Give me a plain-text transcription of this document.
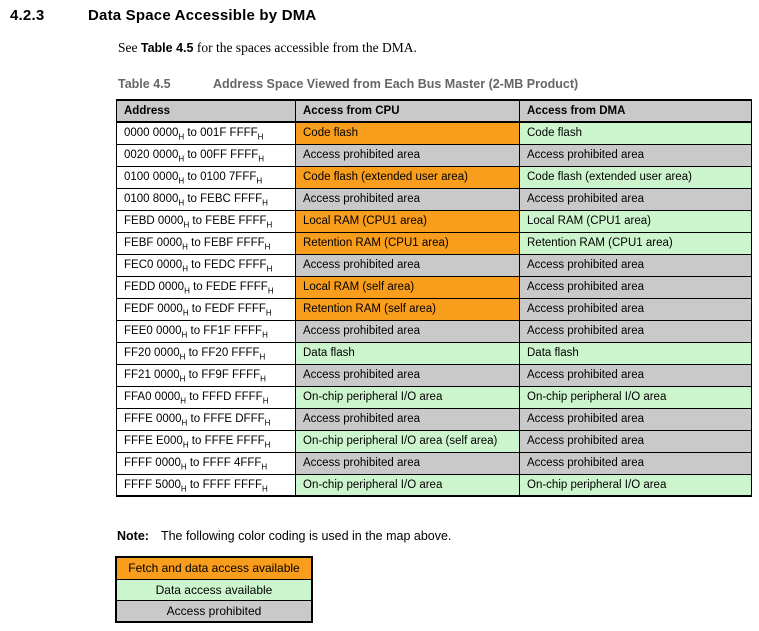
4.2.3	Data Space Accessible by DMA

See Table 4.5 for the spaces accessible from the DMA.

Table 4.5	Address Space Viewed from Each Bus Master (2-MB Product)
Address	Access from CPU	Access from DMA
0000 $0000_H$ to 001F $FFFF_H$	Code flash	Code flash
0020 $0000_H$ to 00FF $FFFF_H$	Access prohibited area	Access prohibited area
0100 $0000_H$ to 0100 $7FFF_H$	Code flash (extended user area)	Code flash (extended user area)
0100 $8000_H$ to FEBC $FFFF_H$	Access prohibited area	Access prohibited area
FEBD $0000_H$ to FEBE $FFFF_H$	Local RAM (CPU1 area)	Local RAM (CPU1 area)
FEBF $0000_H$ to FEBF $FFFF_H$	Retention RAM (CPU1 area)	Retention RAM (CPU1 area)
FEC0 $0000_H$ to FEDC $FFFF_H$	Access prohibited area	Access prohibited area
FEDD $0000_H$ to FEDE $FFFF_H$	Local RAM (self area)	Access prohibited area
FEDF $0000_H$ to FEDF $FFFF_H$	Retention RAM (self area)	Access prohibited area
FEE0 $0000_H$ to FF1F $FFFF_H$	Access prohibited area	Access prohibited area
FF20 $0000_H$ to FF20 $FFFF_H$	Data flash	Data flash
FF21 $0000_H$ to FF9F $FFFF_H$	Access prohibited area	Access prohibited area
FFA0 $0000_H$ to FFFD $FFFF_H$	On-chip peripheral I/O area	On-chip peripheral I/O area
FFFE $0000_H$ to FFFE $DFFF_H$	Access prohibited area	Access prohibited area
FFFE $E000_H$ to FFFE $FFFF_H$	On-chip peripheral I/O area (self area)	Access prohibited area
FFFF $0000_H$ to FFFF $4FFF_H$	Access prohibited area	Access prohibited area
FFFF $5000_H$ to FFFF $FFFF_H$	On-chip peripheral I/O area	On-chip peripheral I/O area
Note: The following color coding is used in the map above.
Fetch and data access available
Data access available
Access prohibited
